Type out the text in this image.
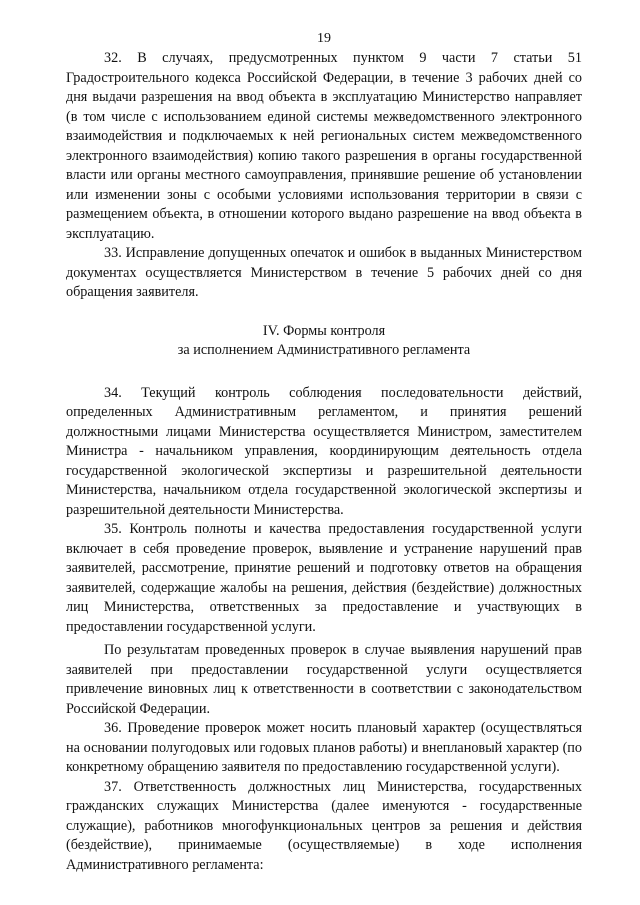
19

32. В случаях, предусмотренных пунктом 9 части 7 статьи 51 Градостроительного кодекса Российской Федерации, в течение 3 рабочих дней со дня выдачи разрешения на ввод объекта в эксплуатацию Министерство направляет (в том числе с использованием единой системы межведомственного электронного взаимодействия и подключаемых к ней региональных систем межведомственного электронного взаимодействия) копию такого разрешения в органы государственной власти или органы местного самоуправления, принявшие решение об установлении или изменении зоны с особыми условиями использования территории в связи с размещением объекта, в отношении которого выдано разрешение на ввод объекта в эксплуатацию.

33. Исправление допущенных опечаток и ошибок в выданных Министерством документах осуществляется Министерством в течение 5 рабочих дней со дня обращения заявителя.

IV. Формы контроля
за исполнением Административного регламента

34. Текущий контроль соблюдения последовательности действий, определенных Административным регламентом, и принятия решений должностными лицами Министерства осуществляется Министром, заместителем Министра - начальником управления, координирующим деятельность отдела государственной экологической экспертизы и разрешительной деятельности Министерства, начальником отдела государственной экологической экспертизы и разрешительной деятельности Министерства.

35. Контроль полноты и качества предоставления государственной услуги включает в себя проведение проверок, выявление и устранение нарушений прав заявителей, рассмотрение, принятие решений и подготовку ответов на обращения заявителей, содержащие жалобы на решения, действия (бездействие) должностных лиц Министерства, ответственных за предоставление и участвующих в предоставлении государственной услуги.

По результатам проведенных проверок в случае выявления нарушений прав заявителей при предоставлении государственной услуги осуществляется привлечение виновных лиц к ответственности в соответствии с законодательством Российской Федерации.

36. Проведение проверок может носить плановый характер (осуществляться на основании полугодовых или годовых планов работы) и внеплановый характер (по конкретному обращению заявителя по предоставлению государственной услуги).

37. Ответственность должностных лиц Министерства, государственных гражданских служащих Министерства (далее именуются - государственные служащие), работников многофункциональных центров за решения и действия (бездействие), принимаемые (осуществляемые) в ходе исполнения Административного регламента:
